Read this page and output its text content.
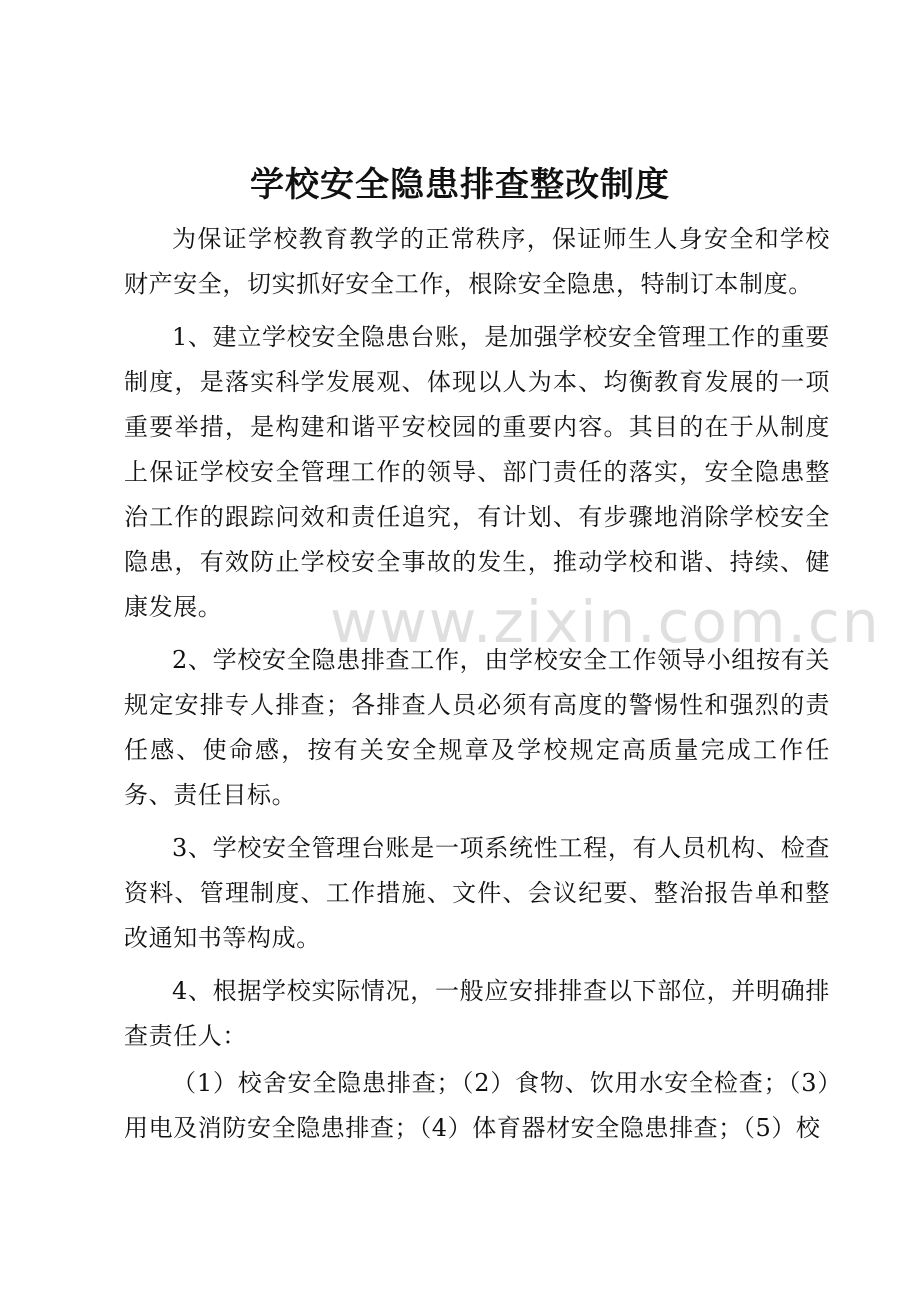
学校安全隐患排查整改制度

为保证学校教育教学的正常秩序，保证师生人身安全和学校财产安全，切实抓好安全工作，根除安全隐患，特制订本制度。

1、建立学校安全隐患台账，是加强学校安全管理工作的重要制度，是落实科学发展观、体现以人为本、均衡教育发展的一项重要举措，是构建和谐平安校园的重要内容。其目的在于从制度上保证学校安全管理工作的领导、部门责任的落实，安全隐患整治工作的跟踪问效和责任追究，有计划、有步骤地消除学校安全隐患，有效防止学校安全事故的发生，推动学校和谐、持续、健康发展。

2、学校安全隐患排查工作，由学校安全工作领导小组按有关规定安排专人排查；各排查人员必须有高度的警惕性和强烈的责任感、使命感，按有关安全规章及学校规定高质量完成工作任务、责任目标。

3、学校安全管理台账是一项系统性工程，有人员机构、检查资料、管理制度、工作措施、文件、会议纪要、整治报告单和整改通知书等构成。

4、根据学校实际情况，一般应安排排查以下部位，并明确排查责任人：

（1）校舍安全隐患排查；（2）食物、饮用水安全检查；（3）用电及消防安全隐患排查；（4）体育器材安全隐患排查；（5）校

www.zixin.com.cn
